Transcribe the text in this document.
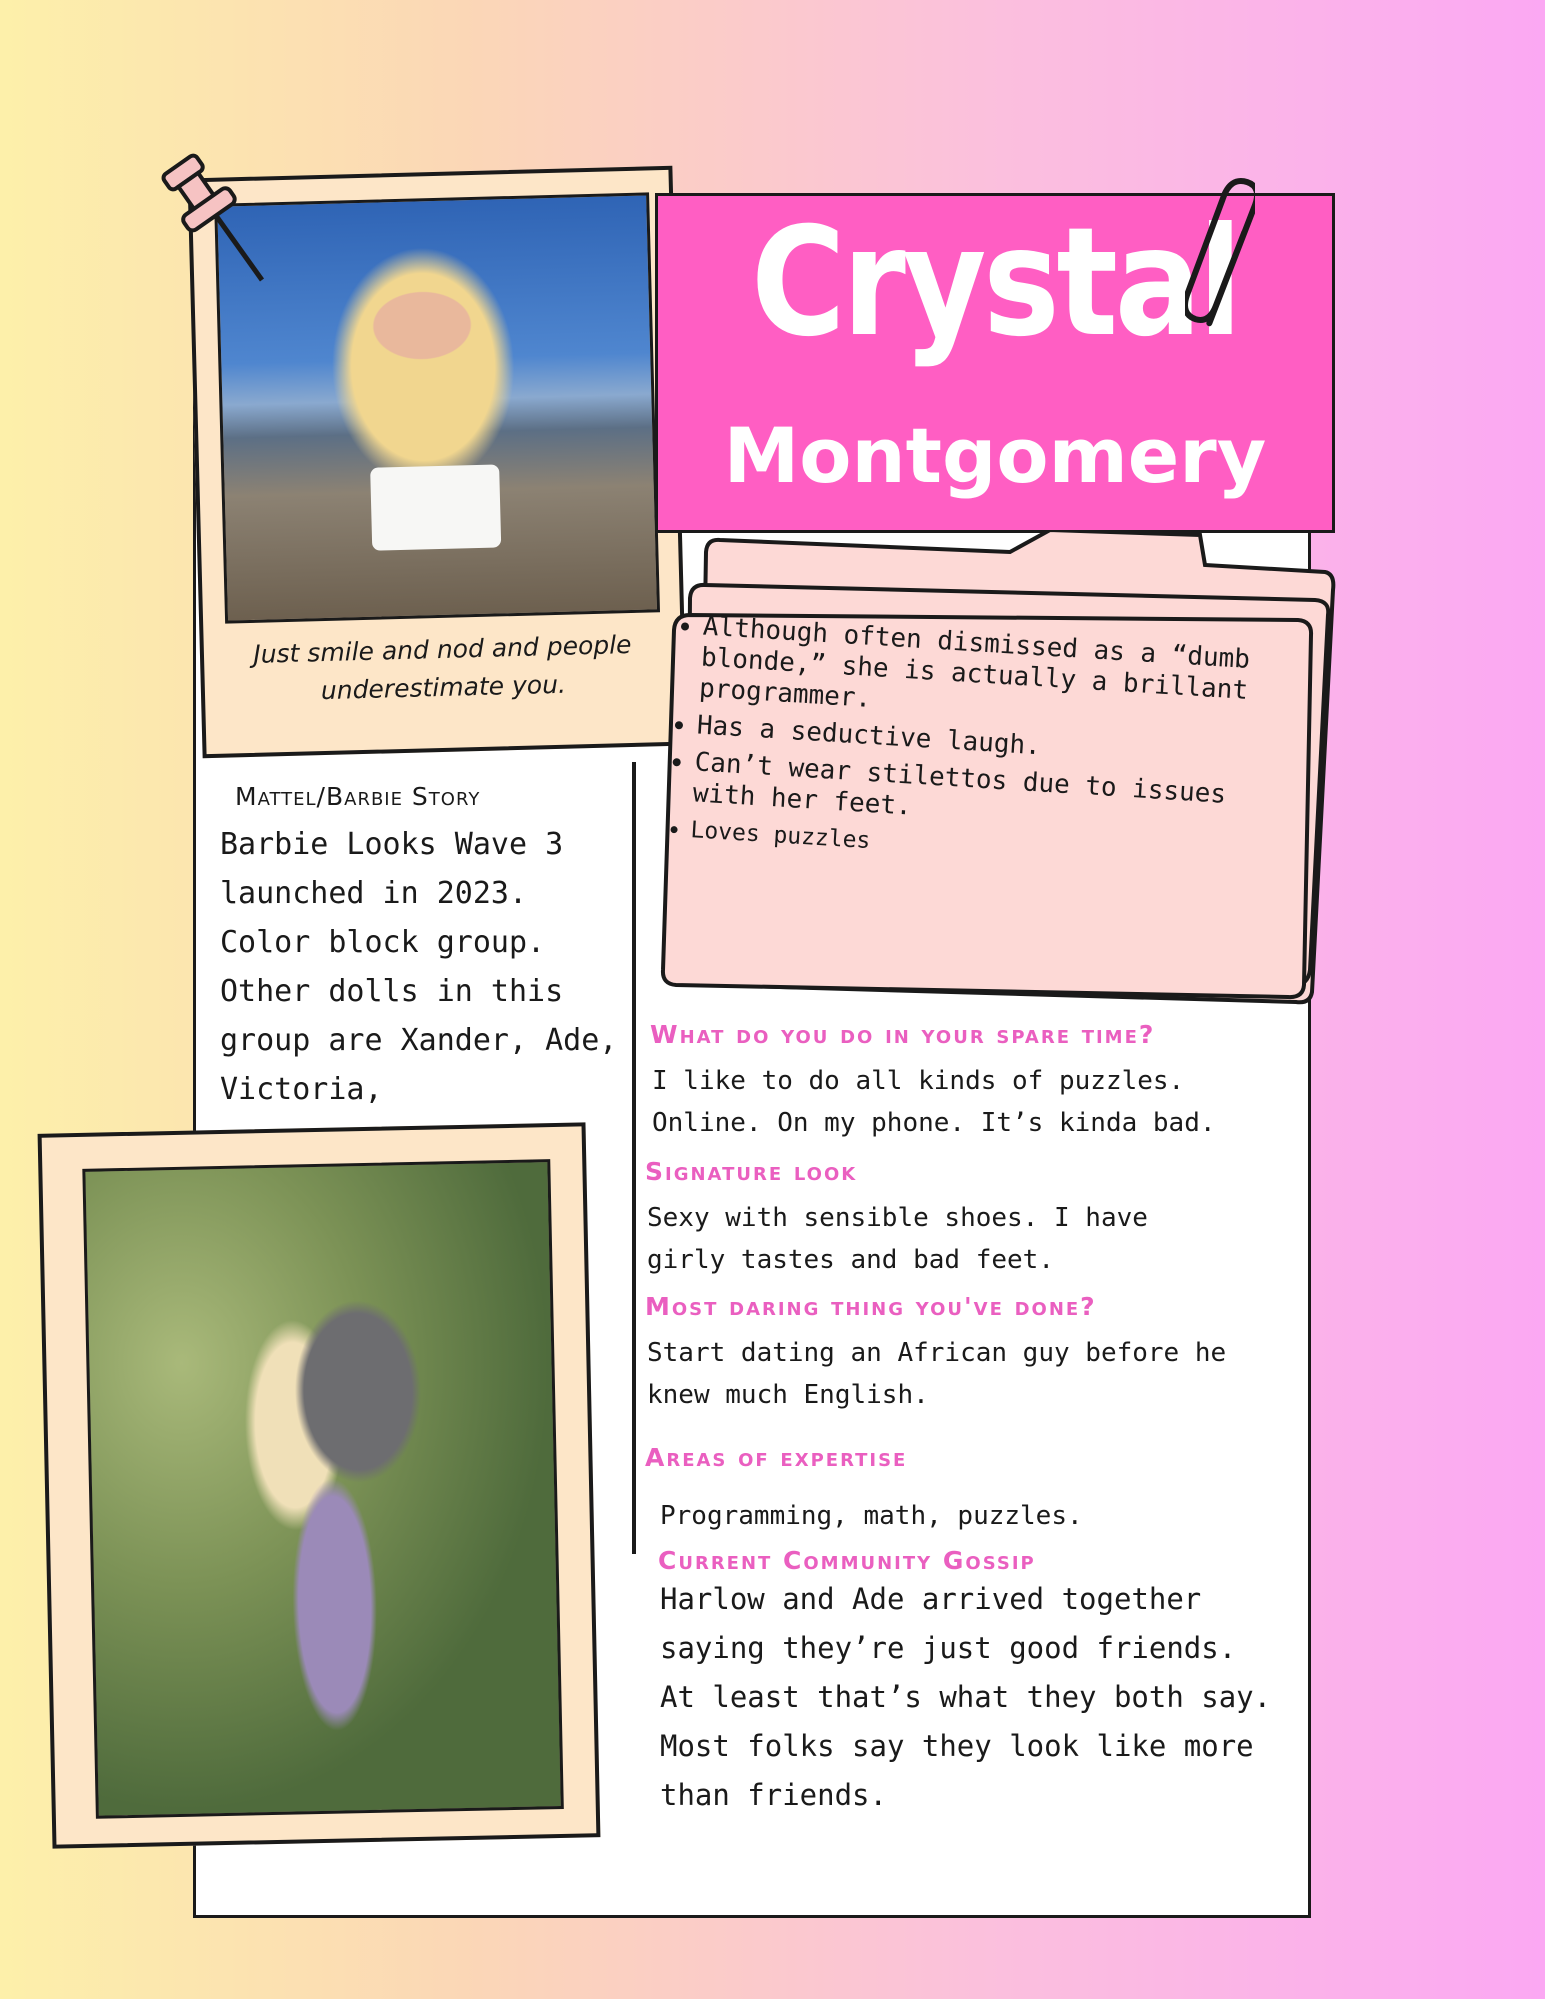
Just smile and nod and people underestimate you.
Crystal
Montgomery
• Although often dismissed as a “dumb blonde,” she is actually a brillant programmer.
• Has a seductive laugh.
• Can’t wear stilettos due to issues with her feet.
• Loves puzzles
Mattel/Barbie Story
Barbie Looks Wave 3 launched in 2023. Color block group. Other dolls in this group are Xander, Ade, Victoria,
What do you do in your spare time?
I like to do all kinds of puzzles. Online. On my phone. It’s kinda bad.
Signature look
Sexy with sensible shoes. I have girly tastes and bad feet.
Most daring thing you've done?
Start dating an African guy before he knew much English.
Areas of expertise
Programming, math, puzzles.
Current Community Gossip
Harlow and Ade arrived together saying they’re just good friends. At least that’s what they both say. Most folks say they look like more than friends.
